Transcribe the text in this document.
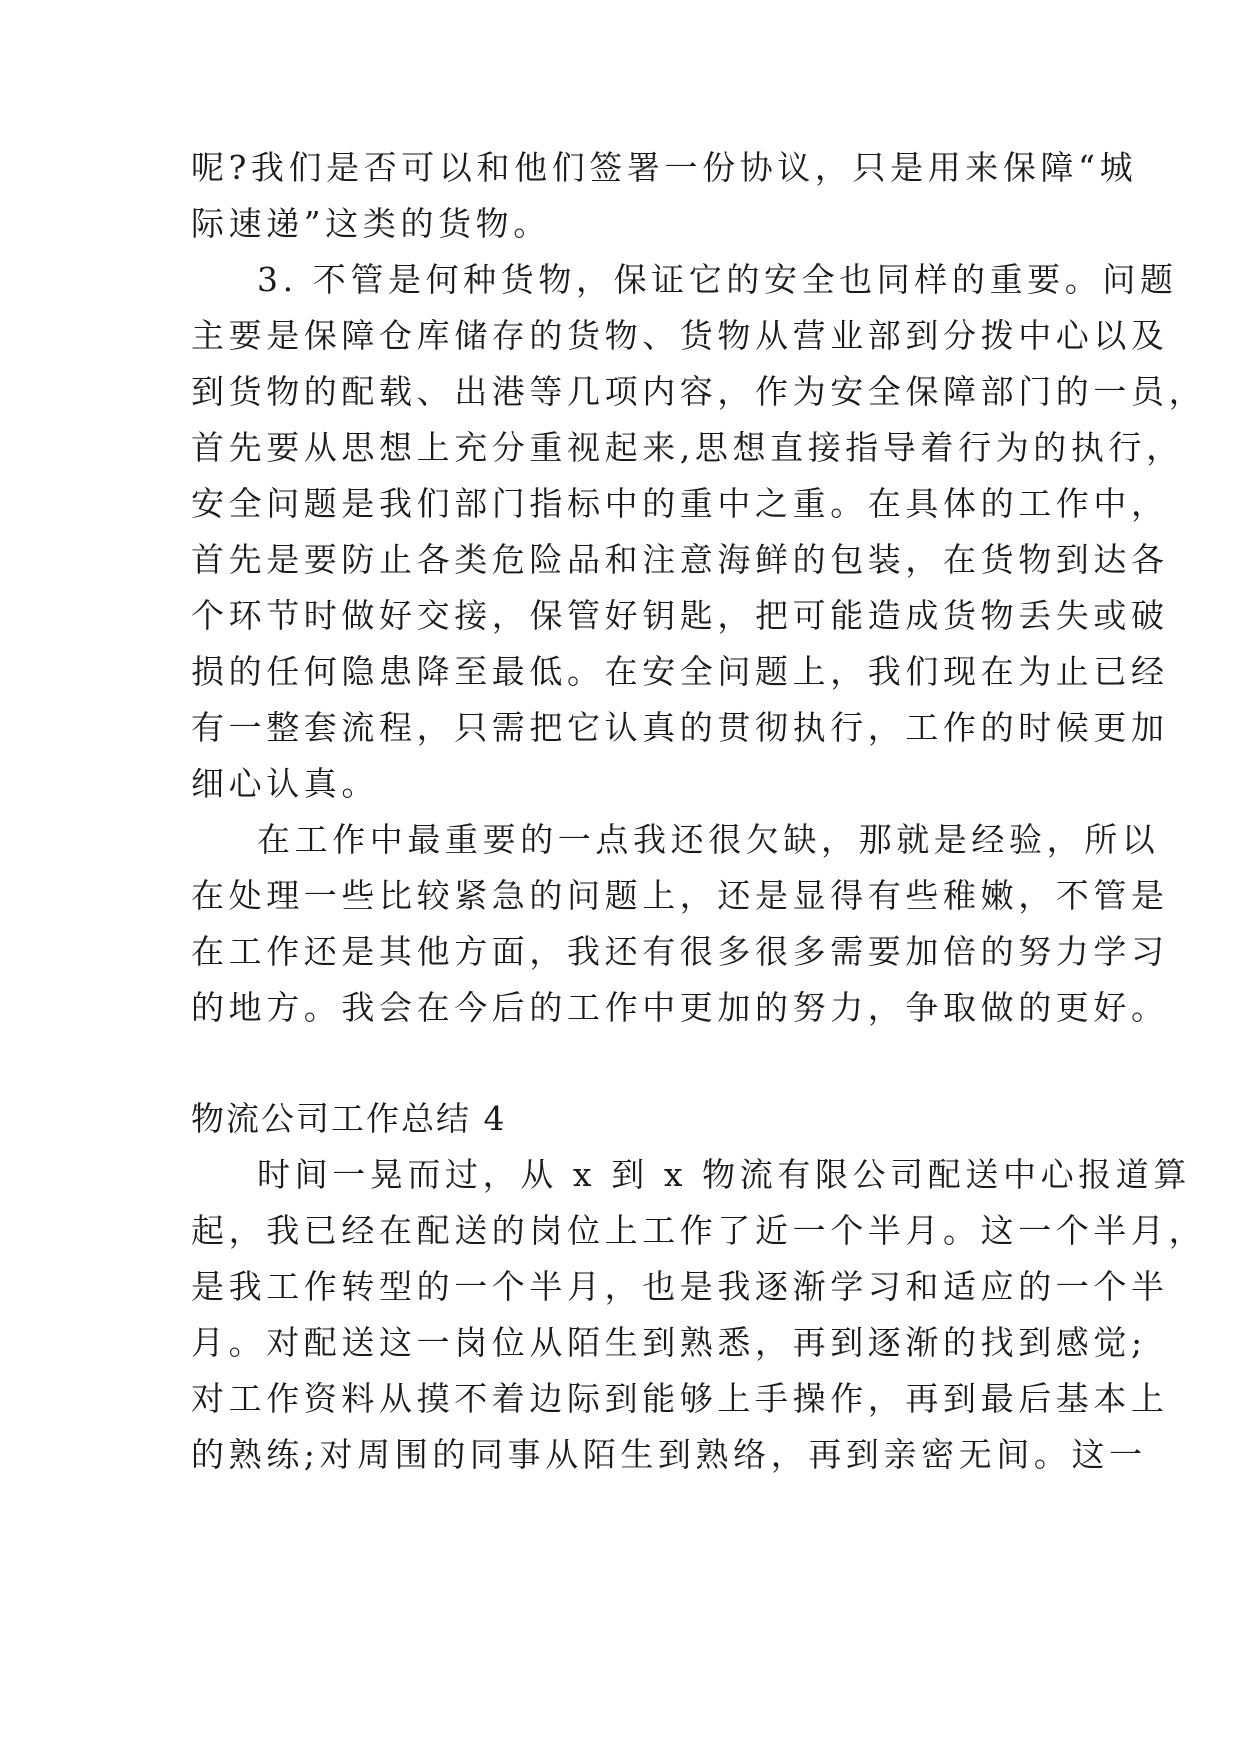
呢?我们是否可以和他们签署一份协议，只是用来保障“城
际速递”这类的货物。
3. 不管是何种货物，保证它的安全也同样的重要。问题
主要是保障仓库储存的货物、货物从营业部到分拨中心以及
到货物的配载、出港等几项内容，作为安全保障部门的一员，
首先要从思想上充分重视起来,思想直接指导着行为的执行，
安全问题是我们部门指标中的重中之重。在具体的工作中，
首先是要防止各类危险品和注意海鲜的包装，在货物到达各
个环节时做好交接，保管好钥匙，把可能造成货物丢失或破
损的任何隐患降至最低。在安全问题上，我们现在为止已经
有一整套流程，只需把它认真的贯彻执行，工作的时候更加
细心认真。
在工作中最重要的一点我还很欠缺，那就是经验，所以
在处理一些比较紧急的问题上，还是显得有些稚嫩，不管是
在工作还是其他方面，我还有很多很多需要加倍的努力学习
的地方。我会在今后的工作中更加的努力，争取做的更好。
物流公司工作总结 4
时间一晃而过，从 x 到 x 物流有限公司配送中心报道算
起，我已经在配送的岗位上工作了近一个半月。这一个半月，
是我工作转型的一个半月，也是我逐渐学习和适应的一个半
月。对配送这一岗位从陌生到熟悉，再到逐渐的找到感觉;
对工作资料从摸不着边际到能够上手操作，再到最后基本上
的熟练;对周围的同事从陌生到熟络，再到亲密无间。这一
